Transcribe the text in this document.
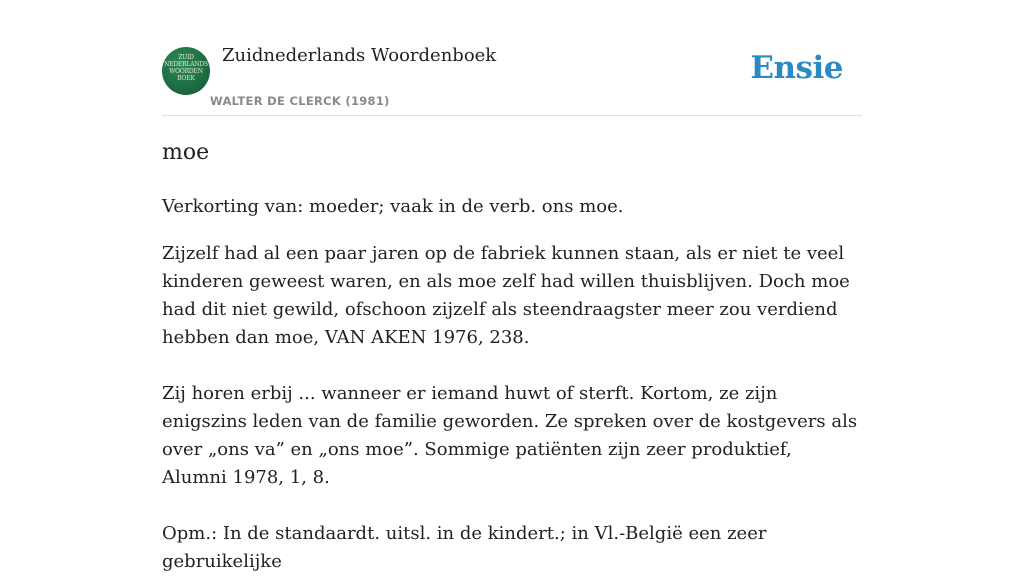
ZUID
NEDERLANDS
WOORDEN
BOEK
Zuidnederlands Woordenboek
WALTER DE CLERCK (1981)
Ensie
moe

Verkorting van: moeder; vaak in de verb. ons moe.

Zijzelf had al een paar jaren op de fabriek kunnen staan, als er niet te veel kinderen geweest waren, en als moe zelf had willen thuisblijven. Doch moe had dit niet gewild, ofschoon zijzelf als steendraagster meer zou verdiend hebben dan moe, VAN AKEN 1976, 238.

Zij horen erbij ... wanneer er iemand huwt of sterft. Kortom, ze zijn enigszins leden van de familie geworden. Ze spreken over de kostgevers als over „ons va” en „ons moe”. Sommige patiënten zijn zeer produktief, Alumni 1978, 1, 8.

Opm.: In de standaardt. uitsl. in de kindert.; in Vl.-België een zeer gebruikelijke
